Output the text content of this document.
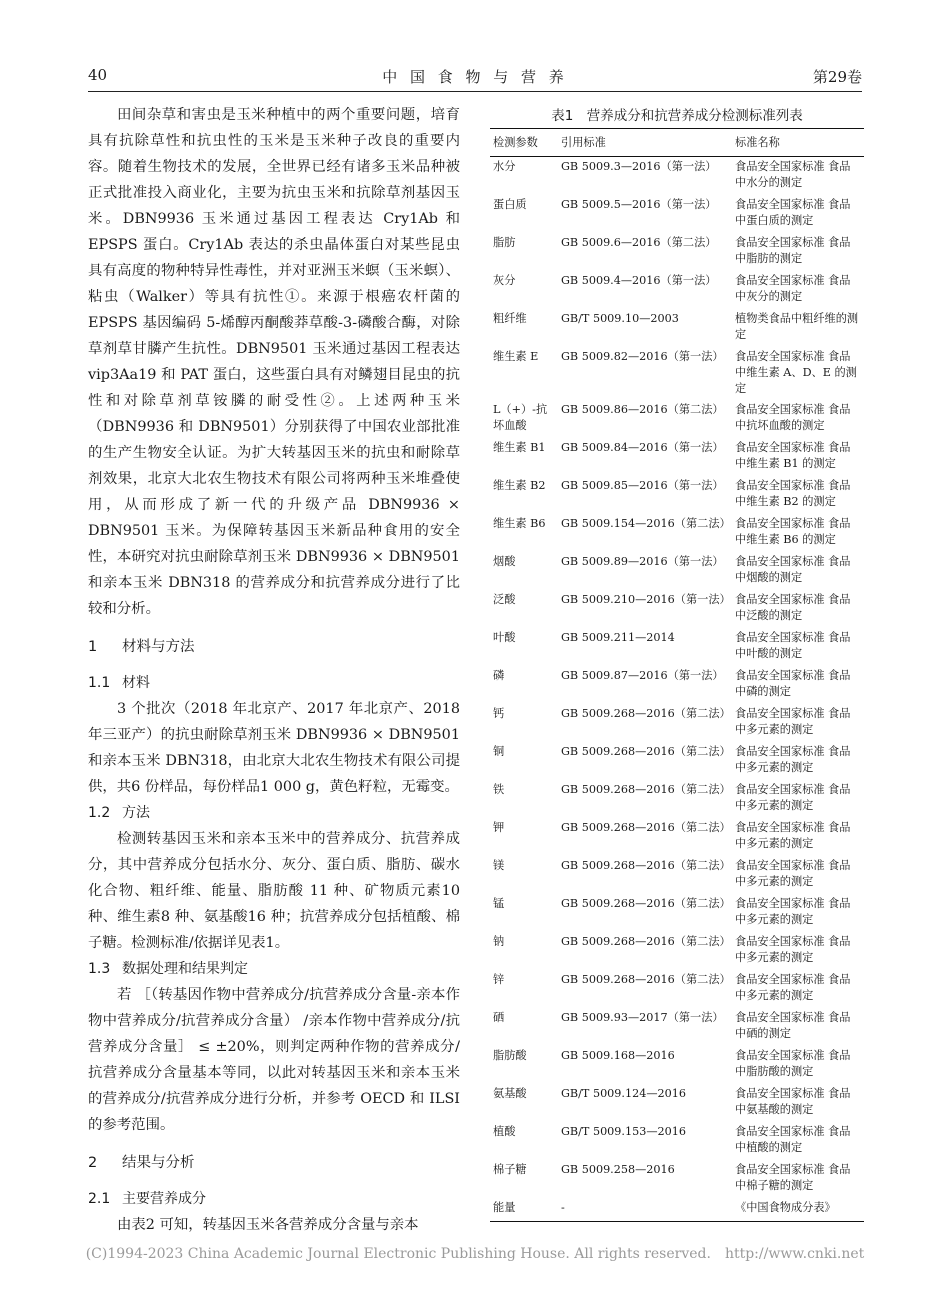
40	中 国 食 物 与 营 养	第29卷

田间杂草和害虫是玉米种植中的两个重要问题，培育具有抗除草性和抗虫性的玉米是玉米种子改良的重要内容。随着生物技术的发展，全世界已经有诸多玉米品种被正式批准投入商业化，主要为抗虫玉米和抗除草剂基因玉米。DBN9936 玉米通过基因工程表达 Cry1Ab 和 EPSPS 蛋白。Cry1Ab 表达的杀虫晶体蛋白对某些昆虫具有高度的物种特异性毒性，并对亚洲玉米螟（玉米螟）、粘虫（Walker）等具有抗性①。来源于根癌农杆菌的 EPSPS 基因编码 5-烯醇丙酮酸莽草酸-3-磷酸合酶，对除草剂草甘膦产生抗性。DBN9501 玉米通过基因工程表达 vip3Aa19 和 PAT 蛋白，这些蛋白具有对鳞翅目昆虫的抗性和对除草剂草铵膦的耐受性②。上述两种玉米（DBN9936 和 DBN9501）分别获得了中国农业部批准的生产生物安全认证。为扩大转基因玉米的抗虫和耐除草剂效果，北京大北农生物技术有限公司将两种玉米堆叠使用，从而形成了新一代的升级产品 DBN9936 × DBN9501 玉米。为保障转基因玉米新品种食用的安全性，本研究对抗虫耐除草剂玉米 DBN9936 × DBN9501 和亲本玉米 DBN318 的营养成分和抗营养成分进行了比较和分析。

1 材料与方法
1.1 材料

3 个批次（2018 年北京产、2017 年北京产、2018 年三亚产）的抗虫耐除草剂玉米 DBN9936 × DBN9501 和亲本玉米 DBN318，由北京大北农生物技术有限公司提供，共6 份样品，每份样品1 000 g，黄色籽粒，无霉变。

1.2 方法

检测转基因玉米和亲本玉米中的营养成分、抗营养成分，其中营养成分包括水分、灰分、蛋白质、脂肪、碳水化合物、粗纤维、能量、脂肪酸 11 种、矿物质元素10 种、维生素8 种、氨基酸16 种；抗营养成分包括植酸、棉子糖。检测标准/依据详见表1。

1.3 数据处理和结果判定

若 ［（转基因作物中营养成分/抗营养成分含量-亲本作物中营养成分/抗营养成分含量） /亲本作物中营养成分/抗营养成分含量］ ≤ ±20%，则判定两种作物的营养成分/抗营养成分含量基本等同，以此对转基因玉米和亲本玉米的营养成分/抗营养成分进行分析，并参考 OECD 和 ILSI 的参考范围。

2 结果与分析
2.1 主要营养成分

由表2 可知，转基因玉米各营养成分含量与亲本

表1　营养成分和抗营养成分检测标准列表
检测参数	引用标准	标准名称
水分	GB 5009.3—2016（第一法）	食品安全国家标准 食品中水分的测定
蛋白质	GB 5009.5—2016（第一法）	食品安全国家标准 食品中蛋白质的测定
脂肪	GB 5009.6—2016（第二法）	食品安全国家标准 食品中脂肪的测定
灰分	GB 5009.4—2016（第一法）	食品安全国家标准 食品中灰分的测定
粗纤维	GB/T 5009.10—2003	植物类食品中粗纤维的测定
维生素 E	GB 5009.82—2016（第一法）	食品安全国家标准 食品中维生素 A、D、E 的测定
L（+）-抗坏血酸	GB 5009.86—2016（第二法）	食品安全国家标准 食品中抗坏血酸的测定
维生素 B1	GB 5009.84—2016（第一法）	食品安全国家标准 食品中维生素 B1 的测定
维生素 B2	GB 5009.85—2016（第一法）	食品安全国家标准 食品中维生素 B2 的测定
维生素 B6	GB 5009.154—2016（第二法）	食品安全国家标准 食品中维生素 B6 的测定
烟酸	GB 5009.89—2016（第一法）	食品安全国家标准 食品中烟酸的测定
泛酸	GB 5009.210—2016（第一法）	食品安全国家标准 食品中泛酸的测定
叶酸	GB 5009.211—2014	食品安全国家标准 食品中叶酸的测定
磷	GB 5009.87—2016（第一法）	食品安全国家标准 食品中磷的测定
钙	GB 5009.268—2016（第二法）	食品安全国家标准 食品中多元素的测定
铜	GB 5009.268—2016（第二法）	食品安全国家标准 食品中多元素的测定
铁	GB 5009.268—2016（第二法）	食品安全国家标准 食品中多元素的测定
钾	GB 5009.268—2016（第二法）	食品安全国家标准 食品中多元素的测定
镁	GB 5009.268—2016（第二法）	食品安全国家标准 食品中多元素的测定
锰	GB 5009.268—2016（第二法）	食品安全国家标准 食品中多元素的测定
钠	GB 5009.268—2016（第二法）	食品安全国家标准 食品中多元素的测定
锌	GB 5009.268—2016（第二法）	食品安全国家标准 食品中多元素的测定
硒	GB 5009.93—2017（第一法）	食品安全国家标准 食品中硒的测定
脂肪酸	GB 5009.168—2016	食品安全国家标准 食品中脂肪酸的测定
氨基酸	GB/T 5009.124—2016	食品安全国家标准 食品中氨基酸的测定
植酸	GB/T 5009.153—2016	食品安全国家标准 食品中植酸的测定
棉子糖	GB 5009.258—2016	食品安全国家标准 食品中棉子糖的测定
能量	-	《中国食物成分表》
(C)1994-2023 China Academic Journal Electronic Publishing House. All rights reserved.　http://www.cnki.net
